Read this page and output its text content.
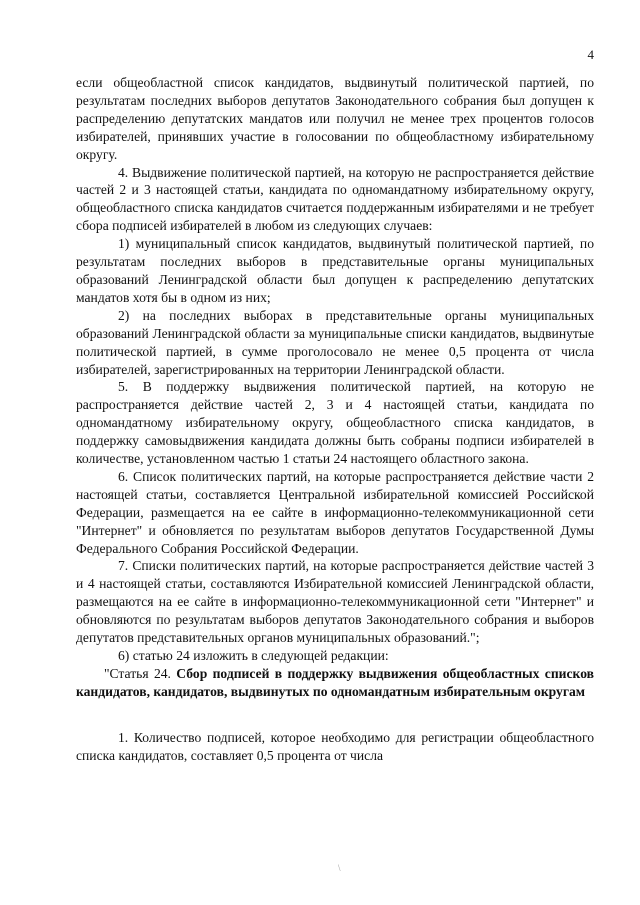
4

если общеобластной список кандидатов, выдвинутый политической партией, по результатам последних выборов депутатов Законодательного собрания был допущен к распределению депутатских мандатов или получил не менее трех процентов голосов избирателей, принявших участие в голосовании по общеобластному избирательному округу.

4. Выдвижение политической партией, на которую не распространяется действие частей 2 и 3 настоящей статьи, кандидата по одномандатному избирательному округу, общеобластного списка кандидатов считается поддержанным избирателями и не требует сбора подписей избирателей в любом из следующих случаев:

1) муниципальный список кандидатов, выдвинутый политической партией, по результатам последних выборов в представительные органы муниципальных образований Ленинградской области был допущен к распределению депутатских мандатов хотя бы в одном из них;

2) на последних выборах в представительные органы муниципальных образований Ленинградской области за муниципальные списки кандидатов, выдвинутые политической партией, в сумме проголосовало не менее 0,5 процента от числа избирателей, зарегистрированных на территории Ленинградской области.

5. В поддержку выдвижения политической партией, на которую не распространяется действие частей 2, 3 и 4 настоящей статьи, кандидата по одномандатному избирательному округу, общеобластного списка кандидатов, в поддержку самовыдвижения кандидата должны быть собраны подписи избирателей в количестве, установленном частью 1 статьи 24 настоящего областного закона.

6. Список политических партий, на которые распространяется действие части 2 настоящей статьи, составляется Центральной избирательной комиссией Российской Федерации, размещается на ее сайте в информационно-телекоммуникационной сети "Интернет" и обновляется по результатам выборов депутатов Государственной Думы Федерального Собрания Российской Федерации.

7. Списки политических партий, на которые распространяется действие частей 3 и 4 настоящей статьи, составляются Избирательной комиссией Ленинградской области, размещаются на ее сайте в информационно-телекоммуникационной сети "Интернет" и обновляются по результатам выборов депутатов Законодательного собрания и выборов депутатов представительных органов муниципальных образований.";

6) статью 24 изложить в следующей редакции:

"Статья 24. Сбор подписей в поддержку выдвижения общеобластных списков кандидатов, кандидатов, выдвинутых по одномандатным избирательным округам

1. Количество подписей, которое необходимо для регистрации общеобластного списка кандидатов, составляет 0,5 процента от числа

\
